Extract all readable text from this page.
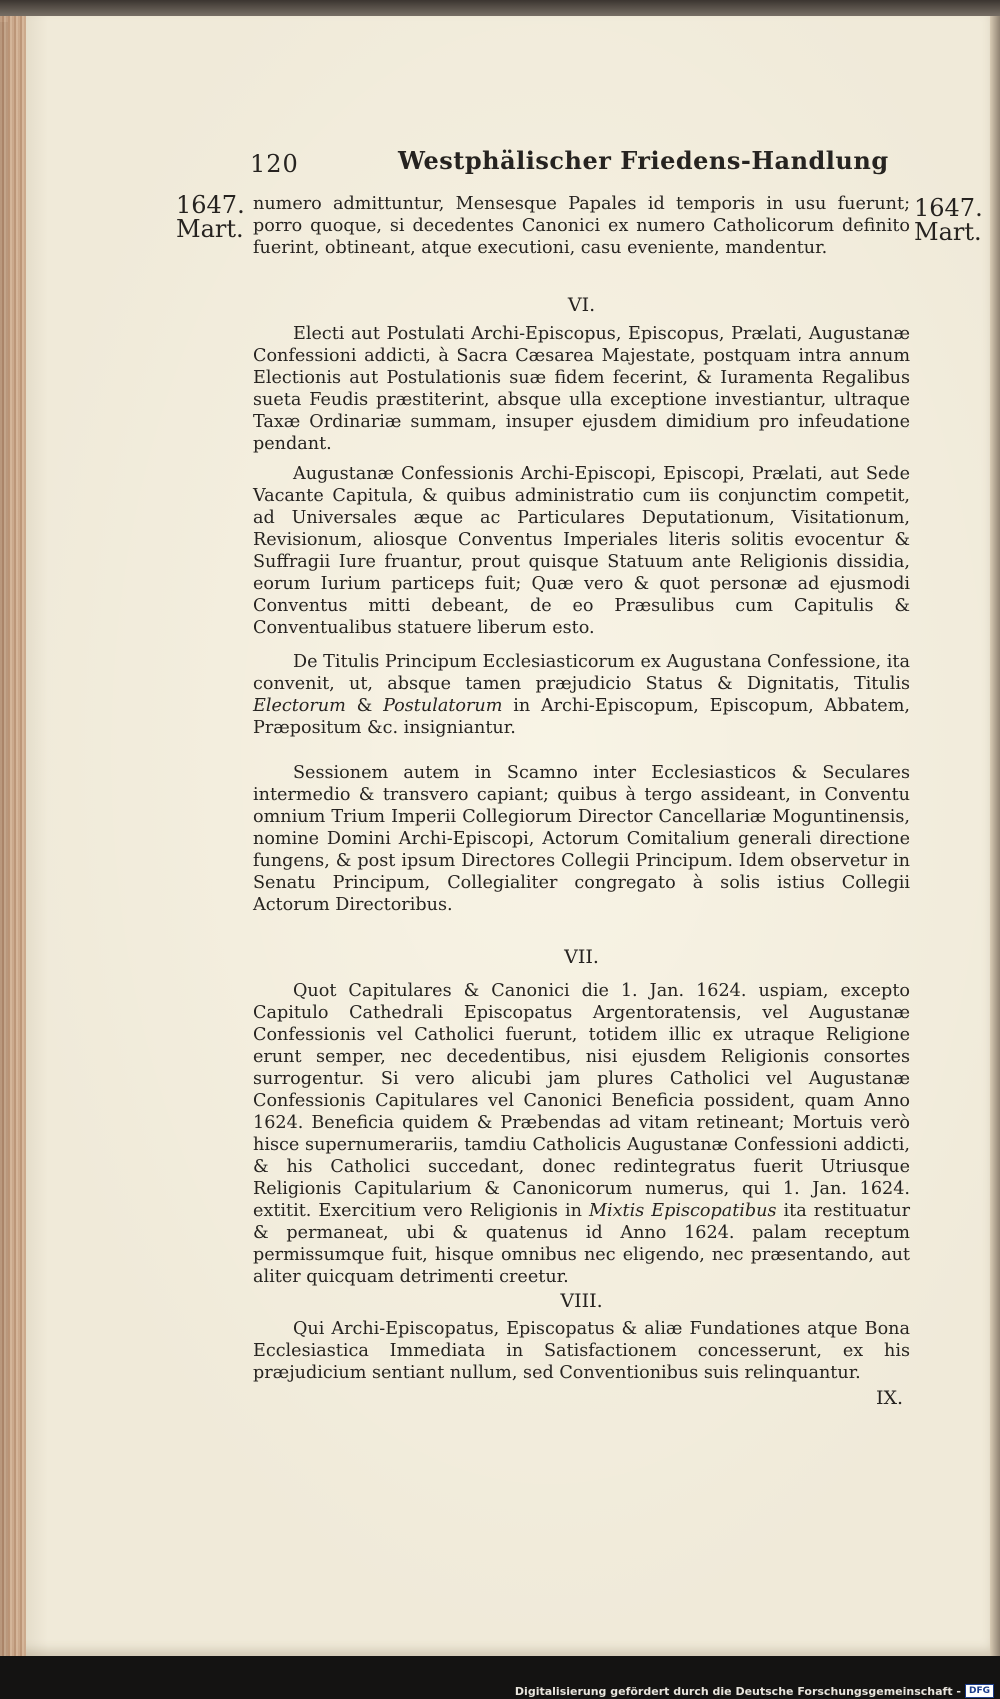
120	Westphälischer Friedens-Handlung
1647.
Mart.
1647.
Mart.

numero admittuntur, Mensesque Papales id temporis in usu fuerunt; porro quoque, si decedentes Canonici ex numero Catholicorum definito fuerint, obtineant, atque executioni, casu eveniente, mandentur.

VI.

Electi aut Postulati Archi-Episcopus, Episcopus, Prælati, Augustanæ Confessioni addicti, à Sacra Cæsarea Majestate, postquam intra annum Electionis aut Postulationis suæ fidem fecerint, & Iuramenta Regalibus sueta Feudis præstiterint, absque ulla exceptione investiantur, ultraque Taxæ Ordinariæ summam, insuper ejusdem dimidium pro infeudatione pendant.

Augustanæ Confessionis Archi-Episcopi, Episcopi, Prælati, aut Sede Vacante Capitula, & quibus administratio cum iis conjunctim competit, ad Universales æque ac Particulares Deputationum, Visitationum, Revisionum, aliosque Conventus Imperiales literis solitis evocentur & Suffragii Iure fruantur, prout quisque Statuum ante Religionis dissidia, eorum Iurium particeps fuit; Quæ vero & quot personæ ad ejusmodi Conventus mitti debeant, de eo Præsulibus cum Capitulis & Conventualibus statuere liberum esto.

De Titulis Principum Ecclesiasticorum ex Augustana Confessione, ita convenit, ut, absque tamen præjudicio Status & Dignitatis, Titulis Electorum & Postulatorum in Archi-Episcopum, Episcopum, Abbatem, Præpositum &c. insigniantur.

Sessionem autem in Scamno inter Ecclesiasticos & Seculares intermedio & transvero capiant; quibus à tergo assideant, in Conventu omnium Trium Imperii Collegiorum Director Cancellariæ Moguntinensis, nomine Domini Archi-Episcopi, Actorum Comitalium generali directione fungens, & post ipsum Directores Collegii Principum. Idem observetur in Senatu Principum, Collegialiter congregato à solis istius Collegii Actorum Directoribus.

VII.

Quot Capitulares & Canonici die 1. Jan. 1624. uspiam, excepto Capitulo Cathedrali Episcopatus Argentoratensis, vel Augustanæ Confessionis vel Catholici fuerunt, totidem illic ex utraque Religione erunt semper, nec decedentibus, nisi ejusdem Religionis consortes surrogentur. Si vero alicubi jam plures Catholici vel Augustanæ Confessionis Capitulares vel Canonici Beneficia possident, quam Anno 1624. Beneficia quidem & Præbendas ad vitam retineant; Mortuis verò hisce supernumerariis, tamdiu Catholicis Augustanæ Confessioni addicti, & his Catholici succedant, donec redintegratus fuerit Utriusque Religionis Capitularium & Canonicorum numerus, qui 1. Jan. 1624. extitit. Exercitium vero Religionis in Mixtis Episcopatibus ita restituatur & permaneat, ubi & quatenus id Anno 1624. palam receptum permissumque fuit, hisque omnibus nec eligendo, nec præsentando, aut aliter quicquam detrimenti creetur.

VIII.

Qui Archi-Episcopatus, Episcopatus & aliæ Fundationes atque Bona Ecclesiastica Immediata in Satisfactionem concesserunt, ex his præjudicium sentiant nullum, sed Conventionibus suis relinquantur.

IX.
Digitalisierung gefördert durch die Deutsche Forschungsgemeinschaft - DFG
